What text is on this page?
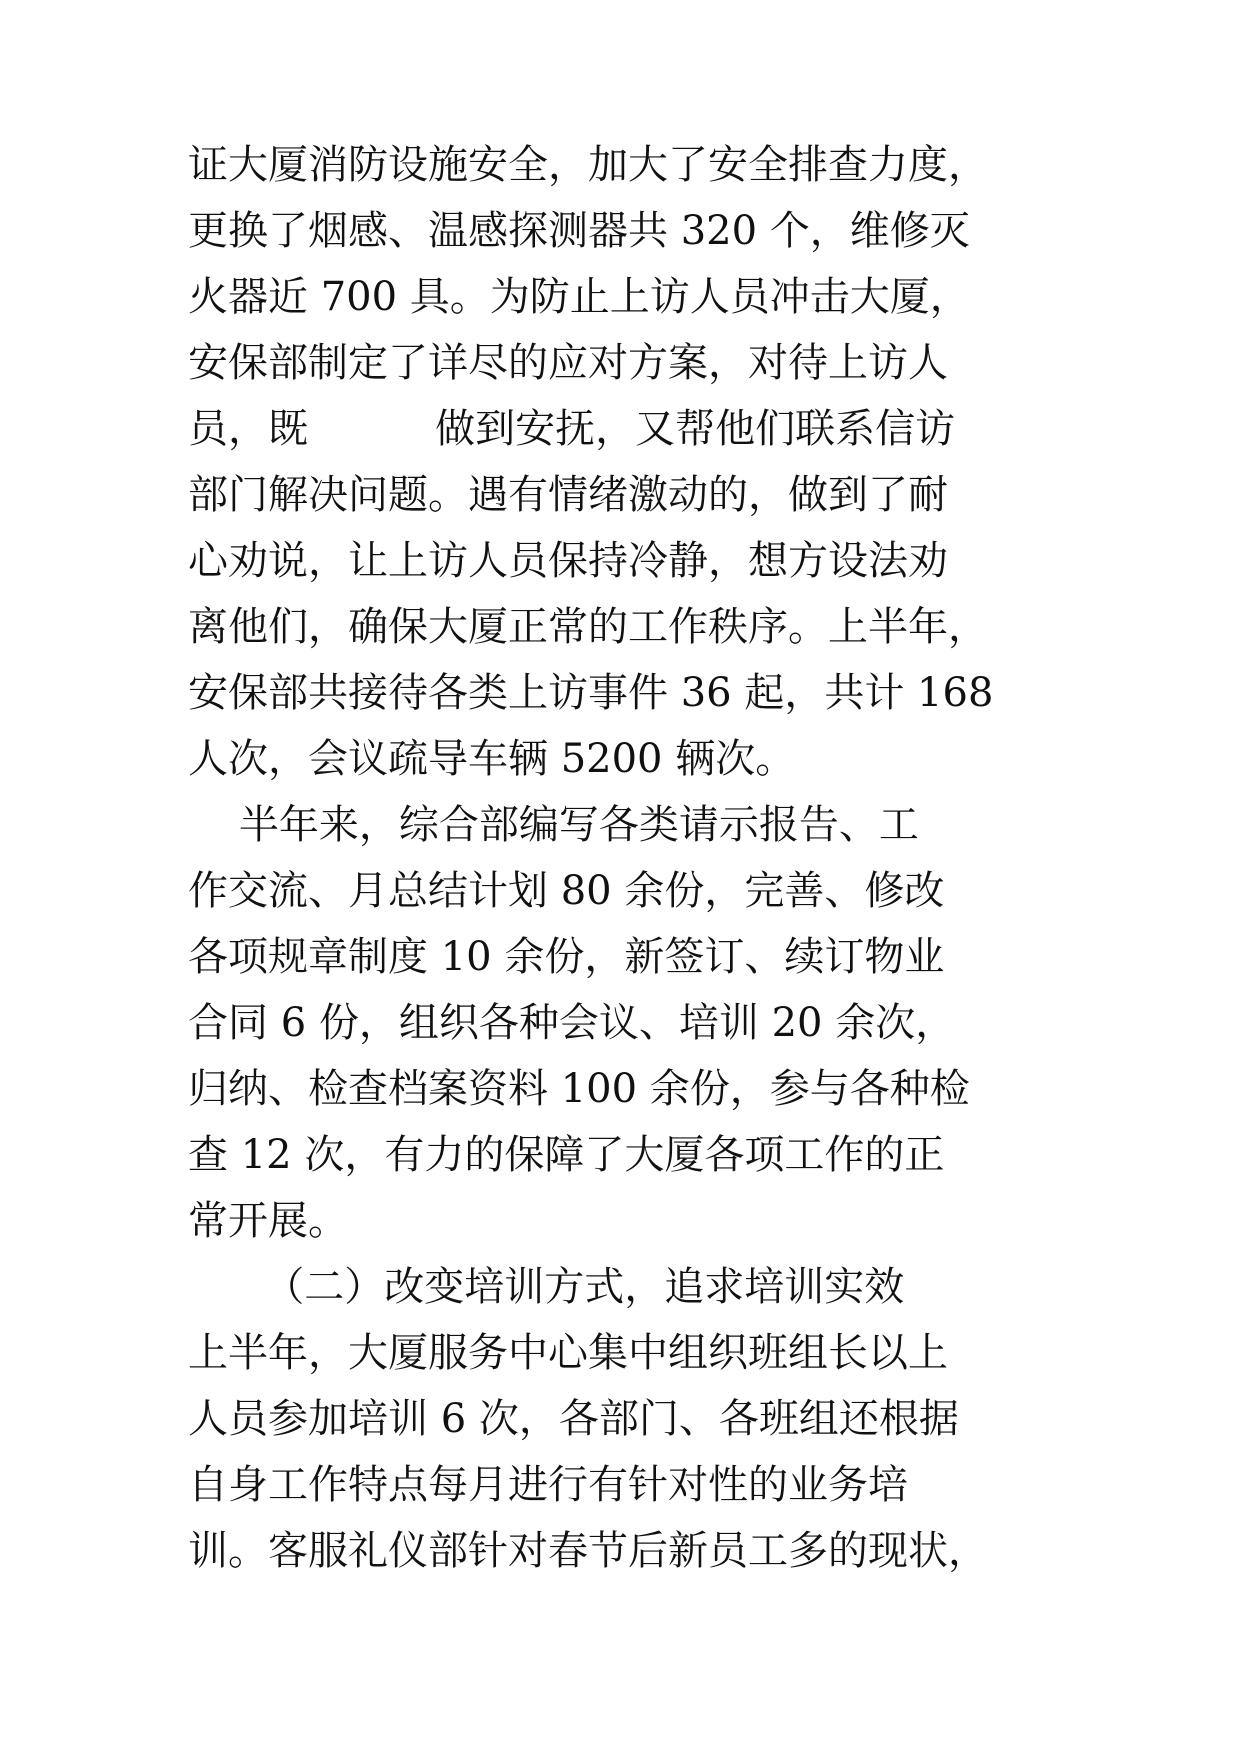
证大厦消防设施安全，加大了安全排查力度，

更换了烟感、温感探测器共 320 个，维修灭

火器近 700 具。为防止上访人员冲击大厦，

安保部制定了详尽的应对方案，对待上访人

员，既          做到安抚，又帮他们联系信访

部门解决问题。遇有情绪激动的，做到了耐

心劝说，让上访人员保持冷静，想方设法劝

离他们，确保大厦正常的工作秩序。上半年，

安保部共接待各类上访事件 36 起，共计 168

人次，会议疏导车辆 5200 辆次。

半年来，综合部编写各类请示报告、工

作交流、月总结计划 80 余份，完善、修改

各项规章制度 10 余份，新签订、续订物业

合同 6 份，组织各种会议、培训 20 余次，

归纳、检查档案资料 100 余份，参与各种检

查 12 次，有力的保障了大厦各项工作的正

常开展。

（二）改变培训方式，追求培训实效

上半年，大厦服务中心集中组织班组长以上

人员参加培训 6 次，各部门、各班组还根据

自身工作特点每月进行有针对性的业务培

训。客服礼仪部针对春节后新员工多的现状，
